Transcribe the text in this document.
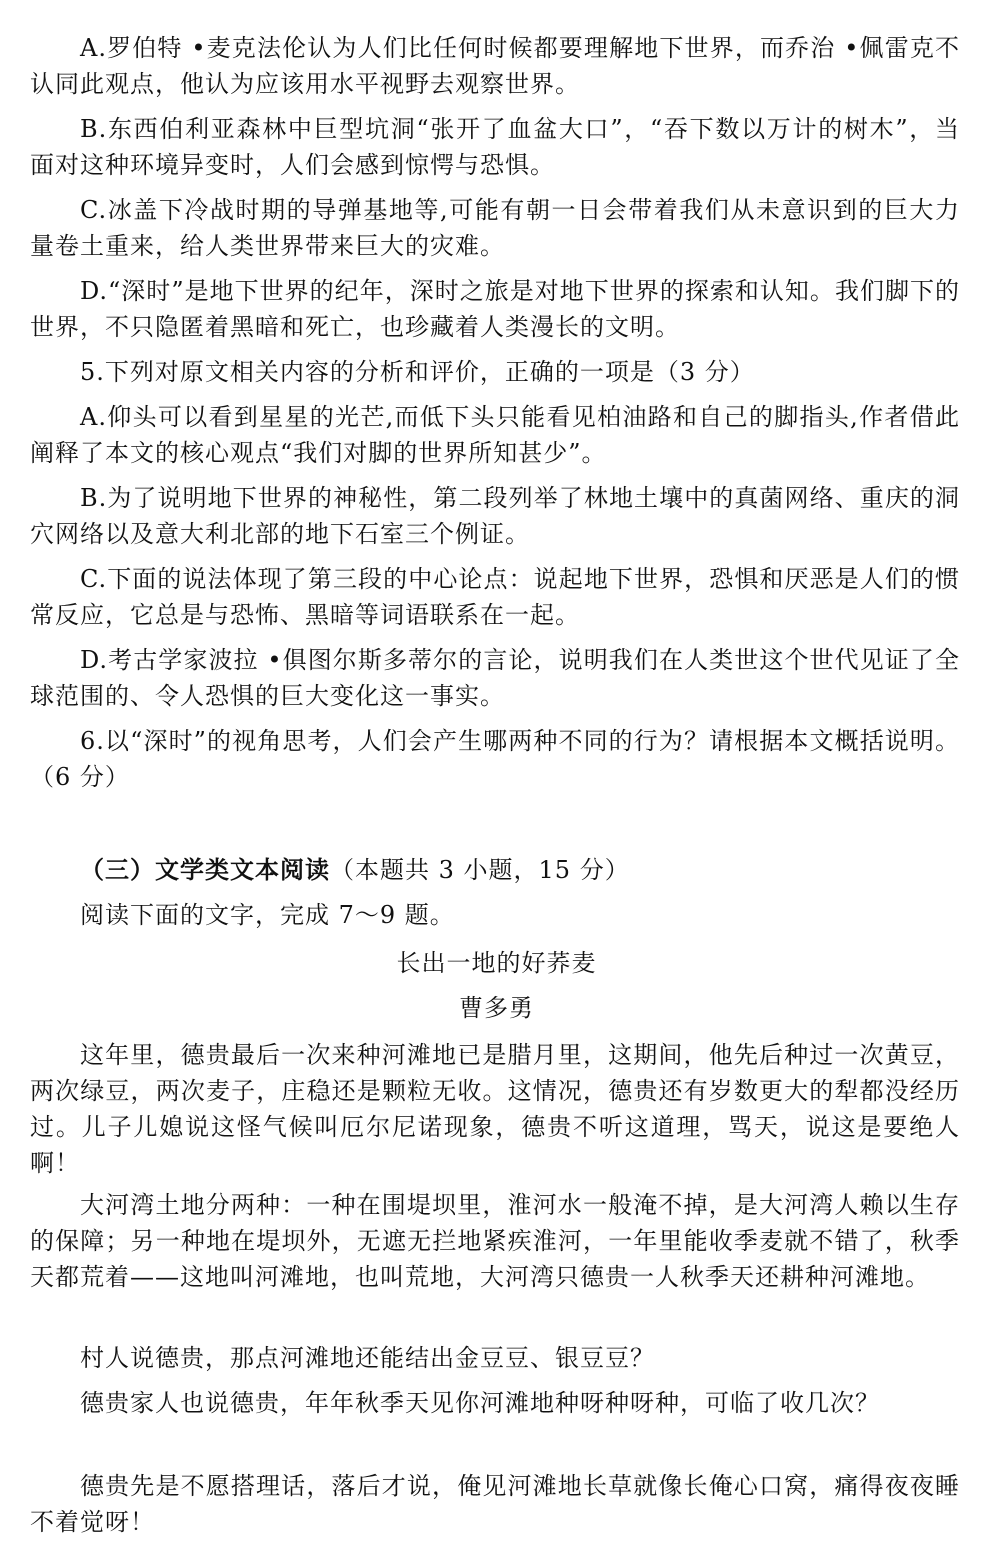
A.罗伯特 •麦克法伦认为人们比任何时候都要理解地下世界，而乔治 •佩雷克不认同此观点，他认为应该用水平视野去观察世界。

B.东西伯利亚森林中巨型坑洞“张开了血盆大口”，“吞下数以万计的树木”，当面对这种环境异变时，人们会感到惊愕与恐惧。

C.冰盖下冷战时期的导弹基地等,可能有朝一日会带着我们从未意识到的巨大力量卷土重来，给人类世界带来巨大的灾难。

D.“深时”是地下世界的纪年，深时之旅是对地下世界的探索和认知。我们脚下的世界，不只隐匿着黑暗和死亡，也珍藏着人类漫长的文明。

5.下列对原文相关内容的分析和评价，正确的一项是（3 分）

A.仰头可以看到星星的光芒,而低下头只能看见柏油路和自己的脚指头,作者借此阐释了本文的核心观点“我们对脚的世界所知甚少”。

B.为了说明地下世界的神秘性，第二段列举了林地土壤中的真菌网络、重庆的洞穴网络以及意大利北部的地下石室三个例证。

C.下面的说法体现了第三段的中心论点：说起地下世界，恐惧和厌恶是人们的惯常反应，它总是与恐怖、黑暗等词语联系在一起。

D.考古学家波拉 •俱图尔斯多蒂尔的言论，说明我们在人类世这个世代见证了全球范围的、令人恐惧的巨大变化这一事实。

6.以“深时”的视角思考，人们会产生哪两种不同的行为？请根据本文概括说明。（6 分）

（三）文学类文本阅读（本题共 3 小题，15 分）

阅读下面的文字，完成 7～9 题。

长出一地的好荞麦
曹多勇

这年里，德贵最后一次来种河滩地已是腊月里，这期间，他先后种过一次黄豆，两次绿豆，两次麦子，庄稳还是颗粒无收。这情况，德贵还有岁数更大的犁都没经历过。儿子儿媳说这怪气候叫厄尔尼诺现象，德贵不听这道理，骂天，说这是要绝人啊！

大河湾土地分两种：一种在围堤坝里，淮河水一般淹不掉，是大河湾人赖以生存的保障；另一种地在堤坝外，无遮无拦地紧疾淮河，一年里能收季麦就不错了，秋季天都荒着——这地叫河滩地，也叫荒地，大河湾只德贵一人秋季天还耕种河滩地。

村人说德贵，那点河滩地还能结出金豆豆、银豆豆？

德贵家人也说德贵，年年秋季天见你河滩地种呀种呀种，可临了收几次？

德贵先是不愿搭理话，落后才说，俺见河滩地长草就像长俺心口窝，痛得夜夜睡不着觉呀！
